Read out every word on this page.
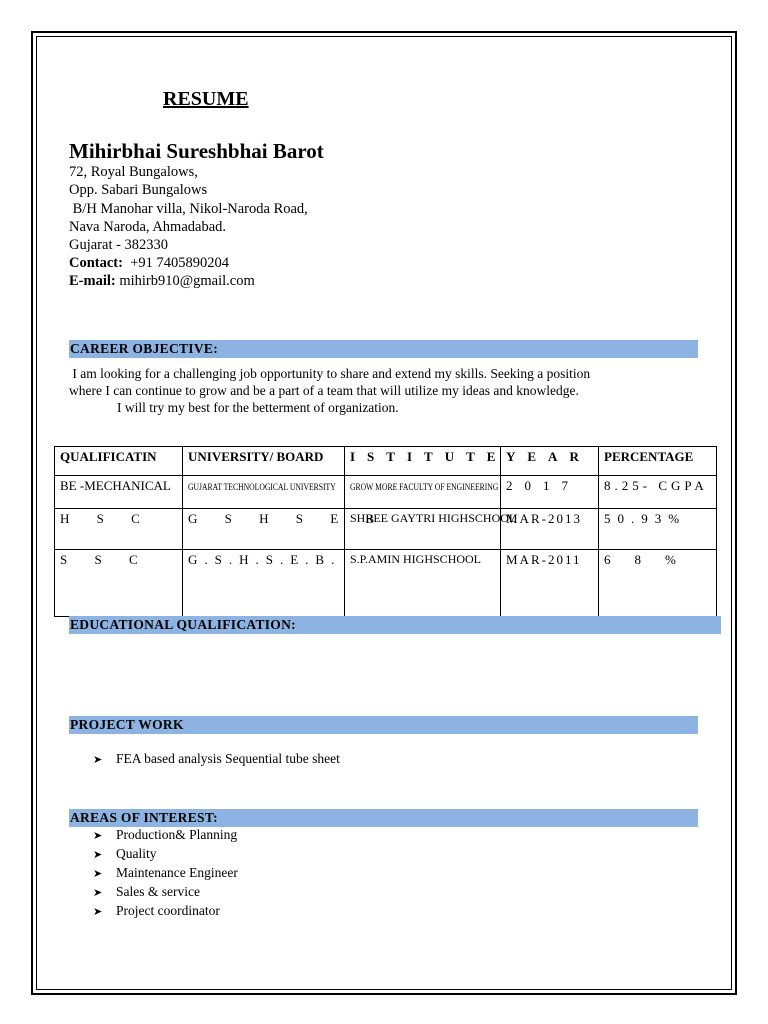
RESUME
Mihirbhai Sureshbhai Barot
72, Royal Bungalows,
Opp. Sabari Bungalows
B/H Manohar villa, Nikol-Naroda Road,
Nava Naroda, Ahmadabad.
Gujarat - 382330
Contact: +91 7405890204
E-mail: mihirb910@gmail.com
CAREER OBJECTIVE:
I am looking for a challenging job opportunity to share and extend my skills. Seeking a position
where I can continue to grow and be a part of a team that will utilize my ideas and knowledge.
I will try my best for the betterment of organization.
QUALIFICATIN	UNIVERSITY/ BOARD	ISTITUTE	YEAR	PERCENTAGE
BE -MECHANICAL	GUJARAT TECHNOLOGICAL UNIVERSITY	GROW MORE FACULTY OF ENGINEERING	2017	8.25- CGPA
H S C	G S H S E B	SHREE GAYTRI HIGHSCHOOL	MAR-2013	50.93%
S S C	G.S.H.S.E.B.	S.P.AMIN HIGHSCHOOL	MAR-2011	68%
EDUCATIONAL QUALIFICATION:
PROJECT WORK
➤ FEA based analysis Sequential tube sheet
AREAS OF INTEREST:
➤ Production& Planning
➤ Quality
➤ Maintenance Engineer
➤ Sales & service
➤ Project coordinator
